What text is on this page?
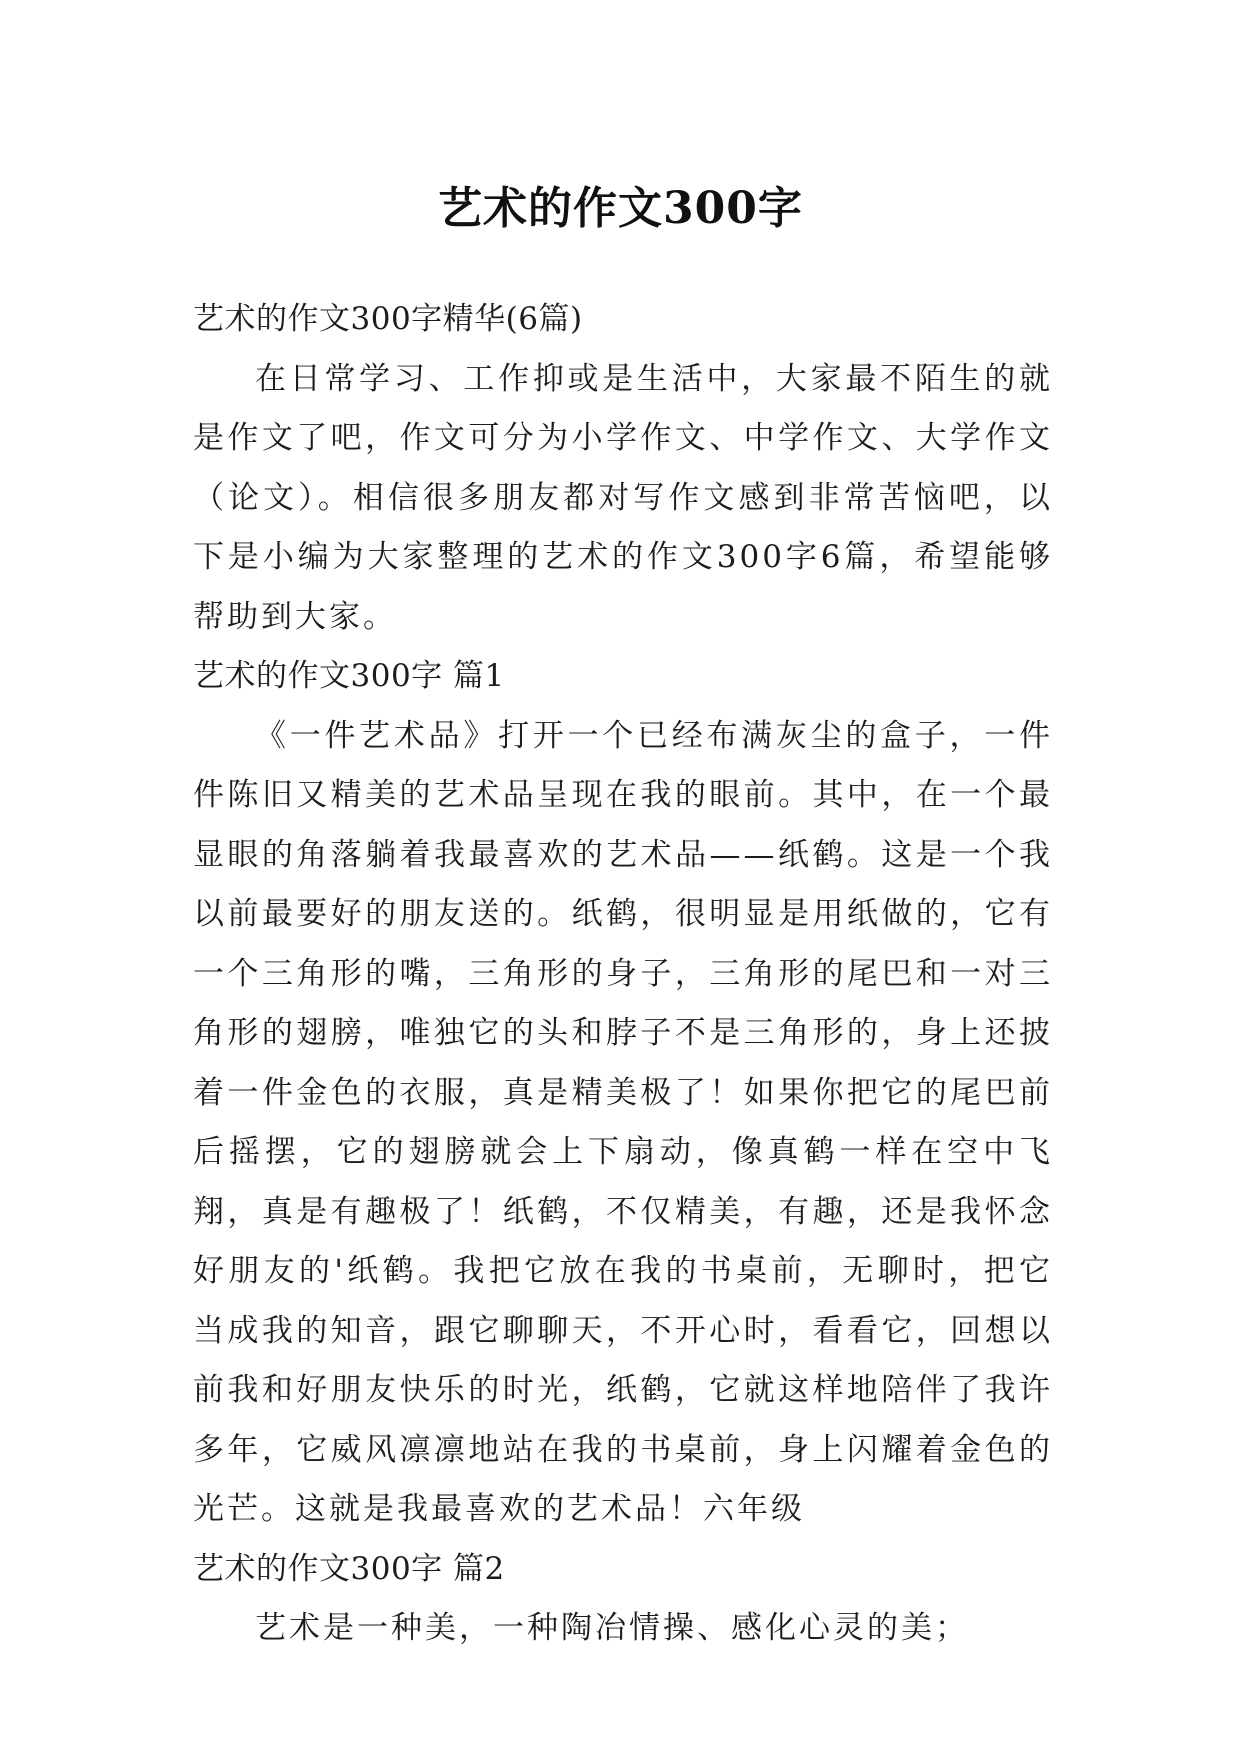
艺术的作文300字

艺术的作文300字精华(6篇)

在日常学习、工作抑或是生活中，大家最不陌生的就是作文了吧，作文可分为小学作文、中学作文、大学作文（论文）。相信很多朋友都对写作文感到非常苦恼吧，以下是小编为大家整理的艺术的作文300字6篇，希望能够帮助到大家。

艺术的作文300字 篇1

《一件艺术品》打开一个已经布满灰尘的盒子，一件件陈旧又精美的艺术品呈现在我的眼前。其中，在一个最显眼的角落躺着我最喜欢的艺术品——纸鹤。这是一个我以前最要好的朋友送的。纸鹤，很明显是用纸做的，它有一个三角形的嘴，三角形的身子，三角形的尾巴和一对三角形的翅膀，唯独它的头和脖子不是三角形的，身上还披着一件金色的衣服，真是精美极了！如果你把它的尾巴前后摇摆，它的翅膀就会上下扇动，像真鹤一样在空中飞翔，真是有趣极了！纸鹤，不仅精美，有趣，还是我怀念好朋友的'纸鹤。我把它放在我的书桌前，无聊时，把它当成我的知音，跟它聊聊天，不开心时，看看它，回想以前我和好朋友快乐的时光，纸鹤，它就这样地陪伴了我许多年，它威风凛凛地站在我的书桌前，身上闪耀着金色的光芒。这就是我最喜欢的艺术品！六年级

艺术的作文300字 篇2

艺术是一种美，一种陶冶情操、感化心灵的美；
